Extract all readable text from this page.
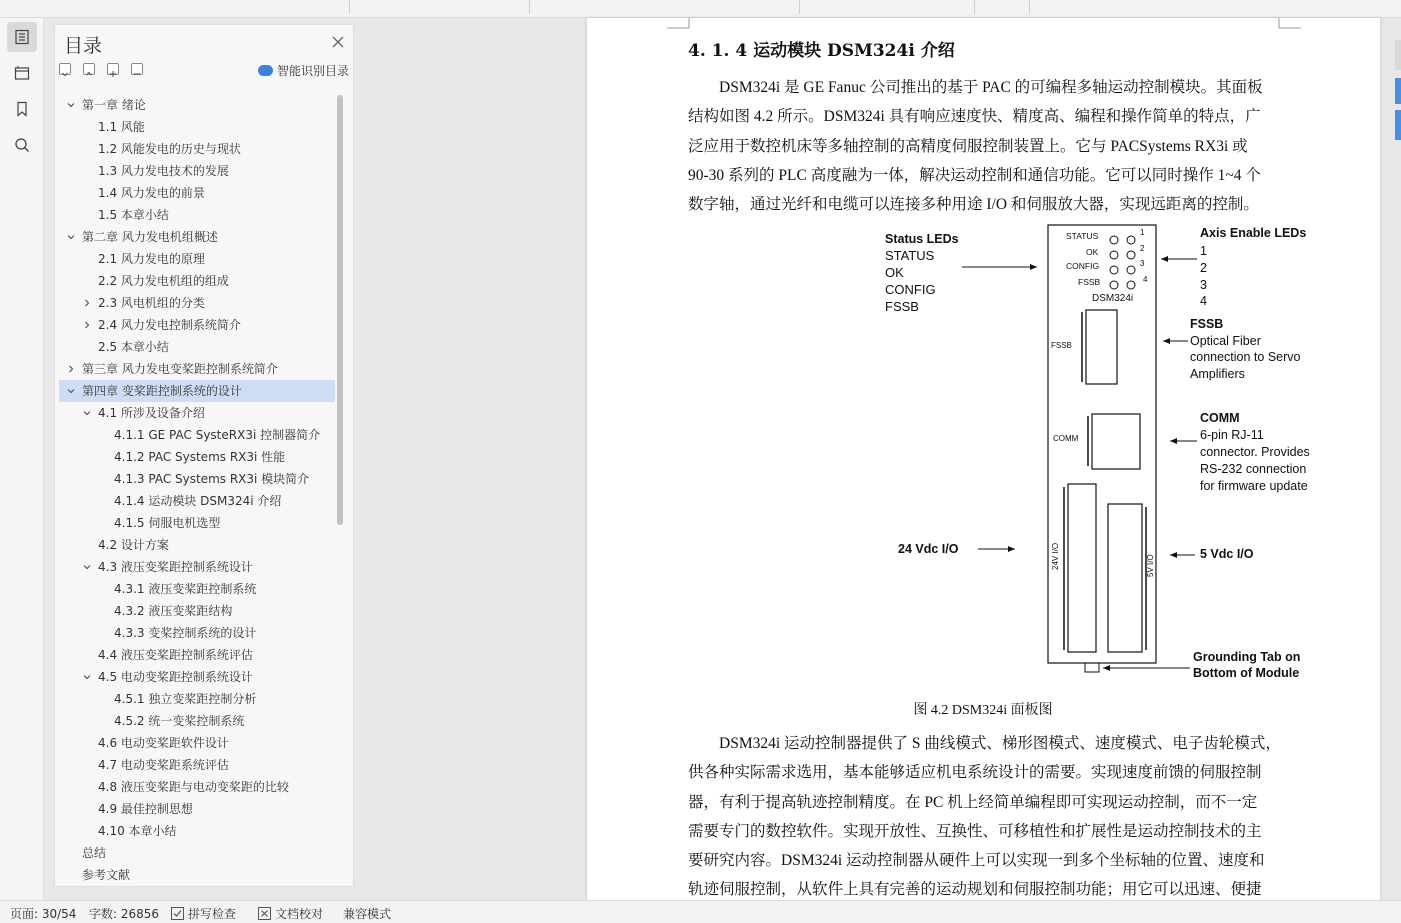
目录
智能识别目录
第一章 绪论
1.1 风能
1.2 风能发电的历史与现状
1.3 风力发电技术的发展
1.4 风力发电的前景
1.5 本章小结
第二章 风力发电机组概述
2.1 风力发电的原理
2.2 风力发电机组的组成
2.3 风电机组的分类
2.4 风力发电控制系统简介
2.5 本章小结
第三章 风力发电变桨距控制系统简介
第四章 变桨距控制系统的设计
4.1 所涉及设备介绍
4.1.1 GE PAC SysteRX3i 控制器简介
4.1.2 PAC Systems RX3i 性能
4.1.3 PAC Systems RX3i 模块简介
4.1.4 运动模块 DSM324i 介绍
4.1.5 伺服电机选型
4.2 设计方案
4.3 液压变桨距控制系统设计
4.3.1 液压变桨距控制系统
4.3.2 液压变桨距结构
4.3.3 变桨控制系统的设计
4.4 液压变桨距控制系统评估
4.5 电动变桨距控制系统设计
4.5.1 独立变桨距控制分析
4.5.2 统一变桨控制系统
4.6 电动变桨距软件设计
4.7 电动变桨距系统评估
4.8 液压变桨距与电动变桨距的比较
4.9 最佳控制思想
4.10 本章小结
总结
参考文献
4. 1. 4 运动模块 DSM324i 介绍
DSM324i 是 GE Fanuc 公司推出的基于 PAC 的可编程多轴运动控制模块。其面板
结构如图 4.2 所示。DSM324i 具有响应速度快、精度高、编程和操作简单的特点，广
泛应用于数控机床等多轴控制的高精度伺服控制装置上。它与 PACSystems RX3i 或
90-30 系列的 PLC 高度融为一体，解决运动控制和通信功能。它可以同时操作 1~4 个
数字轴，通过光纤和电缆可以连接多种用途 I/O 和伺服放大器，实现远距离的控制。
STATUS
OK
CONFIG
FSSB
1
2
3
4
DSM324i
FSSB
COMM
24V I/O	5V I/O
Status LEDs
STATUS
OK
CONFIG
FSSB
Axis Enable LEDs
1
2
3
4
FSSB
Optical Fiber
connection to Servo
Amplifiers
COMM
6-pin RJ-11
connector. Provides
RS-232 connection
for firmware update
24 Vdc I/O	5 Vdc I/O
Grounding Tab on
Bottom of Module
图 4.2 DSM324i 面板图
DSM324i 运动控制器提供了 S 曲线模式、梯形图模式、速度模式、电子齿轮模式，
供各种实际需求选用，基本能够适应机电系统设计的需要。实现速度前馈的伺服控制
器，有利于提高轨迹控制精度。在 PC 机上经简单编程即可实现运动控制，而不一定
需要专门的数控软件。实现开放性、互换性、可移植性和扩展性是运动控制技术的主
要研究内容。DSM324i 运动控制器从硬件上可以实现一到多个坐标轴的位置、速度和
轨迹伺服控制，从软件上具有完善的运动规划和伺服控制功能；用它可以迅速、便捷
页面: 30/54 字数: 26856 拼写检查	文档校对 兼容模式
